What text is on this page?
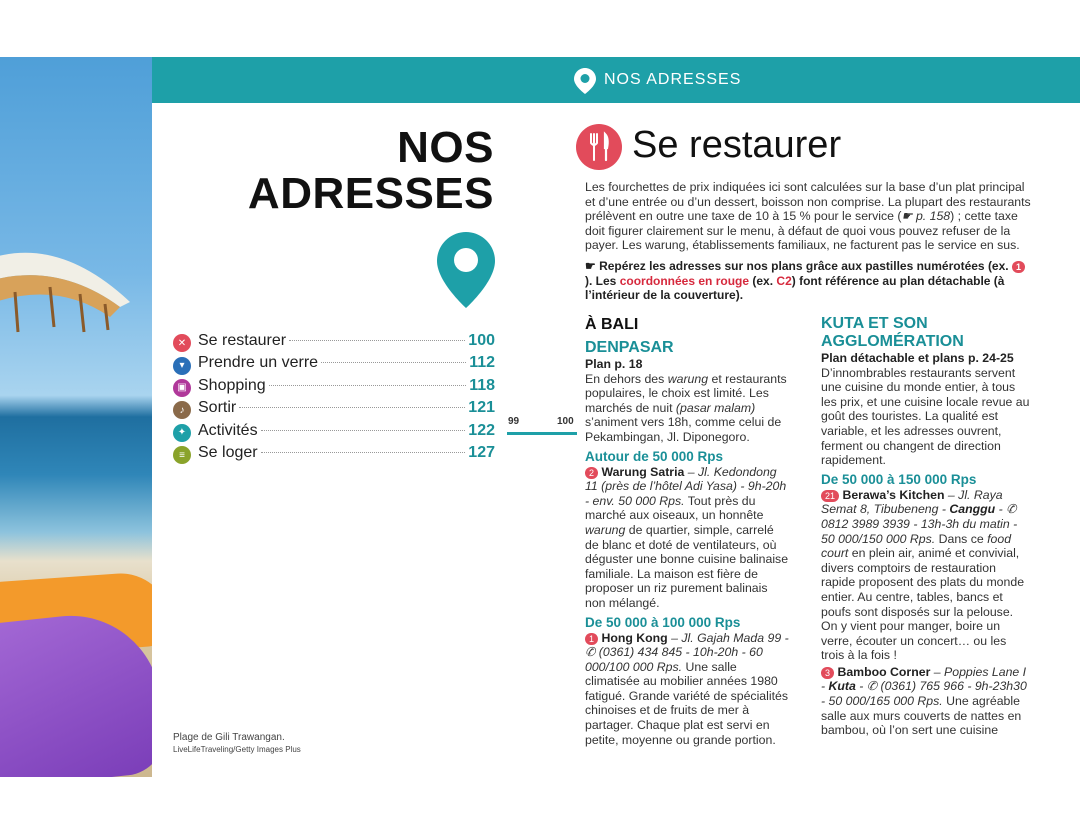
NOS ADRESSES
NOS
ADRESSES
✕ Se restaurer	100
▾ Prendre un verre	112
▣ Shopping	118
♪ Sortir	121
✦ Activités	122
≡ Se loger	127
Plage de Gili Trawangan.
LiveLifeTraveling/Getty Images Plus
99	100
Se restaurer
Les fourchettes de prix indiquées ici sont calculées sur la base d’un plat principal et d’une entrée ou d’un dessert, boisson non comprise. La plupart des restaurants prélèvent en outre une taxe de 10 à 15 % pour le service (☛ p. 158) ; cette taxe doit figurer clairement sur le menu, à défaut de quoi vous pouvez refuser de la payer. Les warung, établissements familiaux, ne facturent pas le service en sus.
☛ Repérez les adresses sur nos plans grâce aux pastilles numérotées (ex. 1). Les coordonnées en rouge (ex. C2) font référence au plan détachable (à l’intérieur de la couverture).
À BALI
DENPASAR

Plan p. 18

En dehors des warung et restaurants populaires, le choix est limité. Les marchés de nuit (pasar malam) s’animent vers 18h, comme celui de Pekambingan, Jl. Diponegoro.

Autour de 50 000 Rps

2 Warung Satria – Jl. Kedondong 11 (près de l’hôtel Adi Yasa) - 9h-20h - env. 50 000 Rps. Tout près du marché aux oiseaux, un honnête warung de quartier, simple, carrelé de blanc et doté de ventilateurs, où déguster une bonne cuisine balinaise familiale. La maison est fière de proposer un riz purement balinais non mélangé.

De 50 000 à 100 000 Rps

1 Hong Kong – Jl. Gajah Mada 99 - ✆ (0361) 434 845 - 10h-20h - 60 000/100 000 Rps. Une salle climatisée au mobilier années 1980 fatigué. Grande variété de spécialités chinoises et de fruits de mer à partager. Chaque plat est servi en petite, moyenne ou grande portion.

KUTA ET SON AGGLOMÉRATION

Plan détachable et plans p. 24-25

D’innombrables restaurants servent une cuisine du monde entier, à tous les prix, et une cuisine locale revue au goût des touristes. La qualité est variable, et les adresses ouvrent, ferment ou changent de direction rapidement.

De 50 000 à 150 000 Rps

21 Berawa’s Kitchen – Jl. Raya Semat 8, Tibubeneng - Canggu - ✆ 0812 3989 3939 - 13h-3h du matin - 50 000/150 000 Rps. Dans ce food court en plein air, animé et convivial, divers comptoirs de restauration rapide proposent des plats du monde entier. Au centre, tables, bancs et poufs sont disposés sur la pelouse. On y vient pour manger, boire un verre, écouter un concert… ou les trois à la fois !

3 Bamboo Corner – Poppies Lane I - Kuta - ✆ (0361) 765 966 - 9h-23h30 - 50 000/165 000 Rps. Une agréable salle aux murs couverts de nattes en bambou, où l’on sert une cuisine
